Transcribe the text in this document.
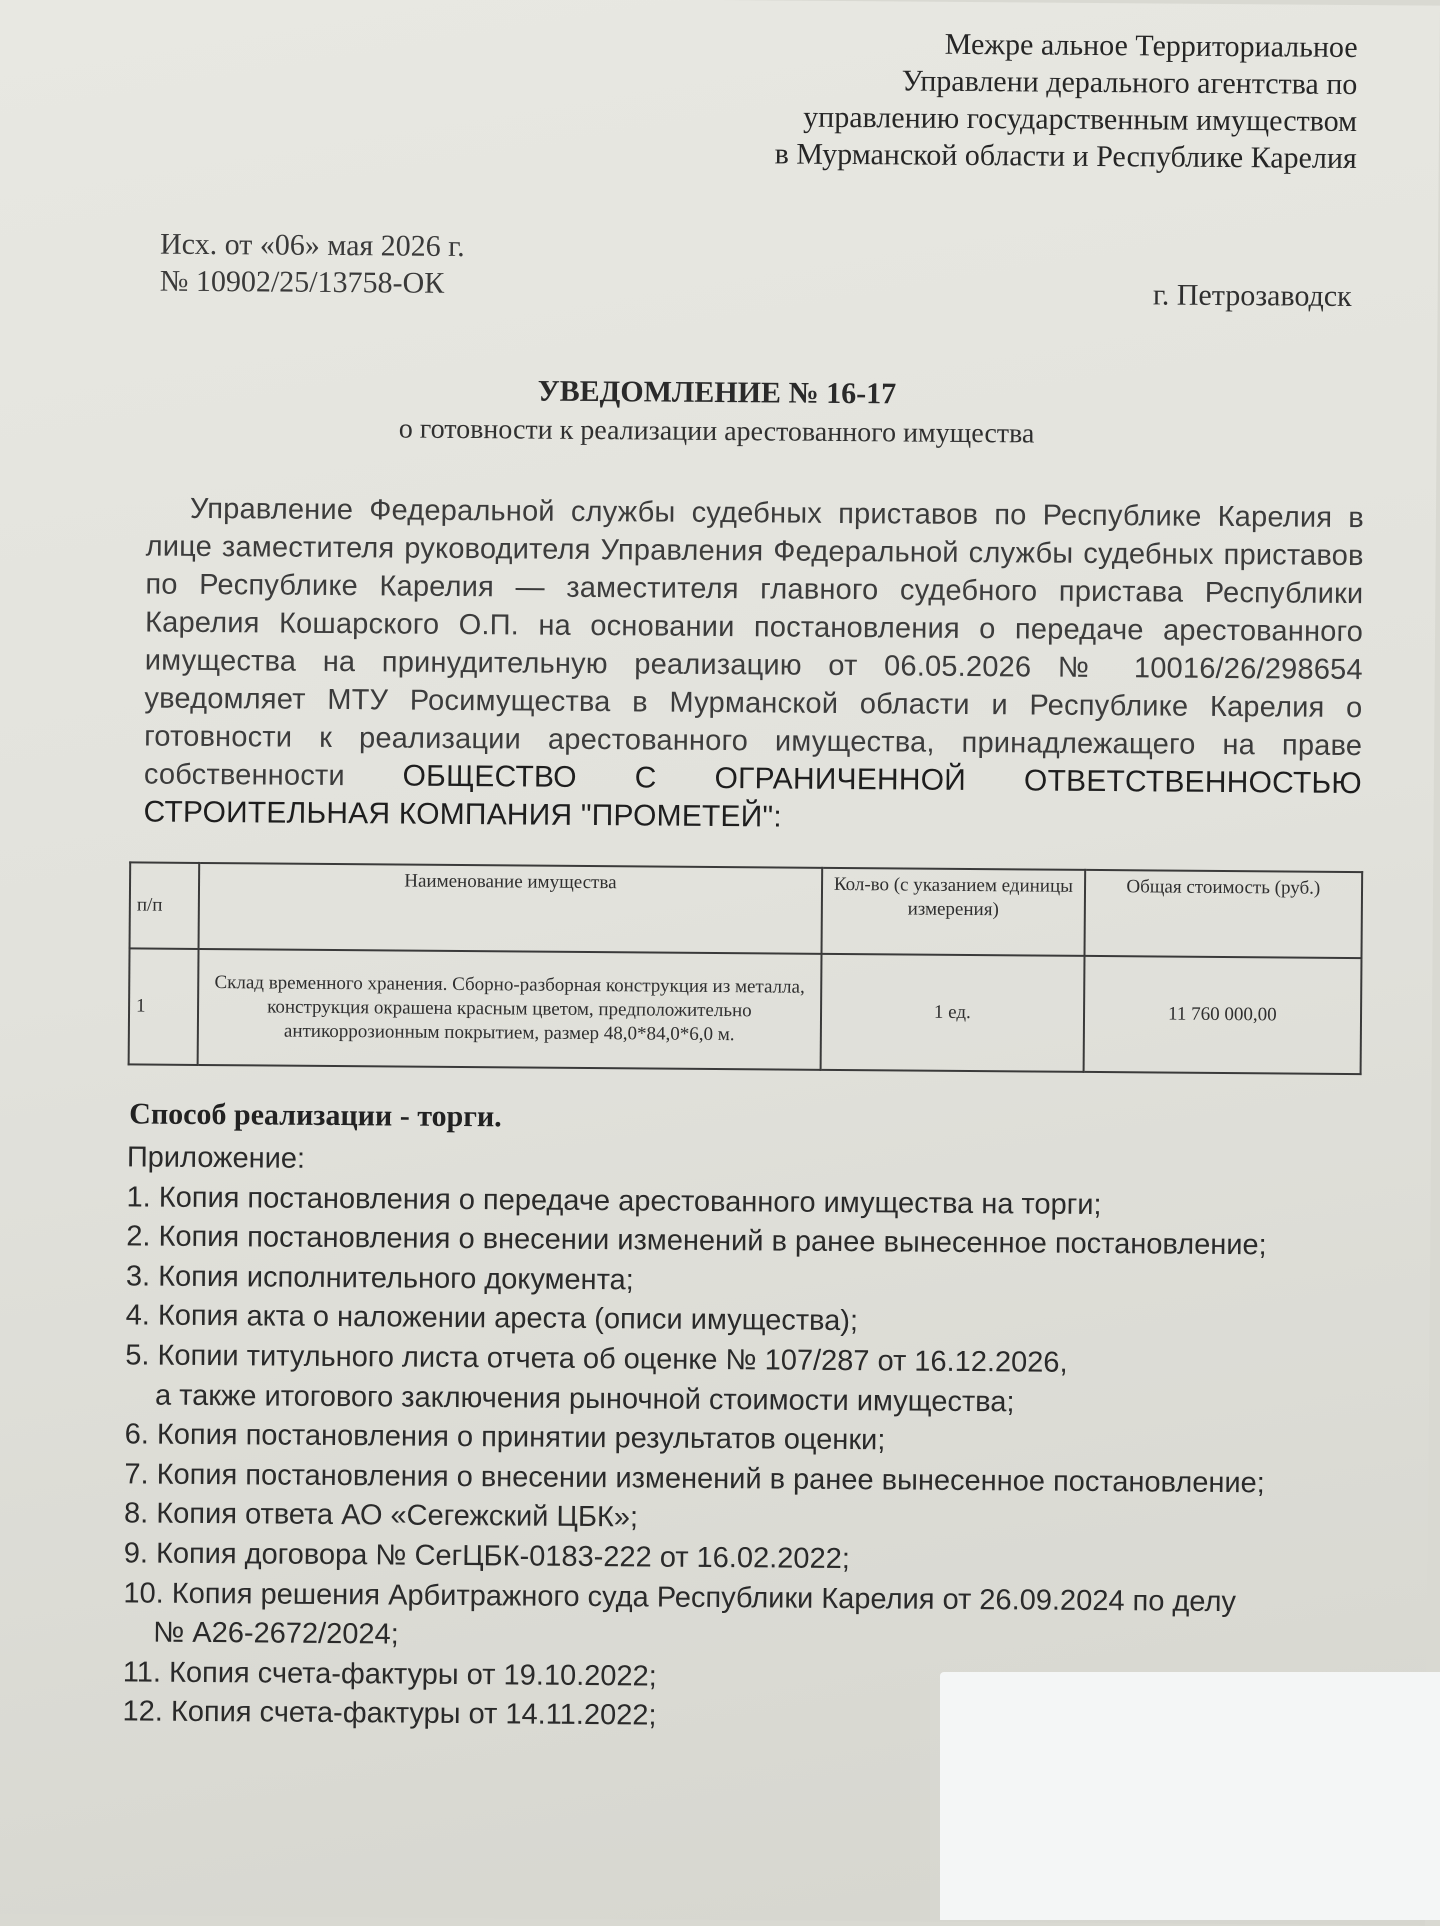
Межре альное Территориальное
Управлени дерального агентства по
управлению государственным имуществом
в Мурманской области и Республике Карелия
Исх. от «06» мая 2026 г.
№ 10902/25/13758-ОК	г. Петрозаводск
УВЕДОМЛЕНИЕ № 16-17
о готовности к реализации арестованного имущества
Управление Федеральной службы судебных приставов по Республике Карелия в лице заместителя руководителя Управления Федеральной службы судебных приставов по Республике Карелия — заместителя главного судебного пристава Республики Карелия Кошарского О.П. на основании постановления о передаче арестованного имущества на принудительную реализацию от 06.05.2026 № 10016/26/298654 уведомляет МТУ Росимущества в Мурманской области и Республике Карелия о готовности к реализации арестованного имущества, принадлежащего на праве собственности ОБЩЕСТВО С ОГРАНИЧЕННОЙ ОТВЕТСТВЕННОСТЬЮ СТРОИТЕЛЬНАЯ КОМПАНИЯ "ПРОМЕТЕЙ":
п/п	Наименование имущества	Кол-во (с указанием единицы измерения)	Общая стоимость (руб.)
1	Склад временного хранения. Сборно-разборная конструкция из металла, конструкция окрашена красным цветом, предположительно антикоррозионным покрытием, размер 48,0*84,0*6,0 м.	1 ед.	11 760 000,00
Способ реализации - торги.
Приложение:
1. Копия постановления о передаче арестованного имущества на торги;
2. Копия постановления о внесении изменений в ранее вынесенное постановление;
3. Копия исполнительного документа;
4. Копия акта о наложении ареста (описи имущества);
5. Копии титульного листа отчета об оценке № 107/287 от 16.12.2026,
а также итогового заключения рыночной стоимости имущества;
6. Копия постановления о принятии результатов оценки;
7. Копия постановления о внесении изменений в ранее вынесенное постановление;
8. Копия ответа АО «Сегежский ЦБК»;
9. Копия договора № СегЦБК-0183-222 от 16.02.2022;
10. Копия решения Арбитражного суда Республики Карелия от 26.09.2024 по делу
№ А26-2672/2024;
11. Копия счета-фактуры от 19.10.2022;
12. Копия счета-фактуры от 14.11.2022;
